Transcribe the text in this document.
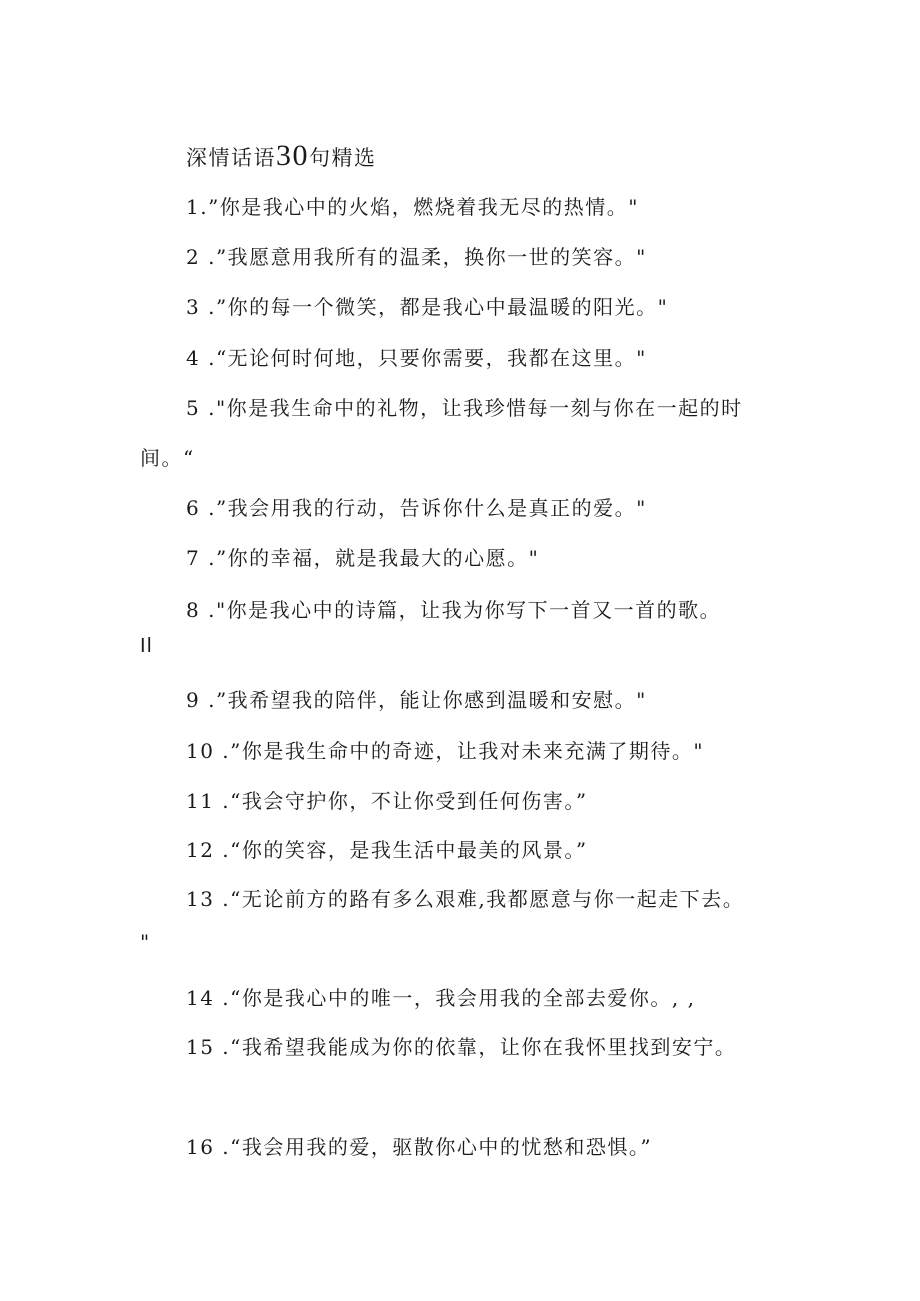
深情话语30句精选
1.”你是我心中的火焰，燃烧着我无尽的热情。"
2 .”我愿意用我所有的温柔，换你一世的笑容。"
3 .”你的每一个微笑，都是我心中最温暖的阳光。"
4 .“无论何时何地，只要你需要，我都在这里。"
5 ."你是我生命中的礼物，让我珍惜每一刻与你在一起的时
间。“
6 .”我会用我的行动，告诉你什么是真正的爱。"
7 .”你的幸福，就是我最大的心愿。"
8 ."你是我心中的诗篇，让我为你写下一首又一首的歌。
Il
9 .”我希望我的陪伴，能让你感到温暖和安慰。"
10 .”你是我生命中的奇迹，让我对未来充满了期待。"
11 .“我会守护你，不让你受到任何伤害。”
12 .“你的笑容，是我生活中最美的风景。”
13 .“无论前方的路有多么艰难,我都愿意与你一起走下去。
"
14 .“你是我心中的唯一，我会用我的全部去爱你。, ,
15 .“我希望我能成为你的依靠，让你在我怀里找到安宁。
16 .“我会用我的爱，驱散你心中的忧愁和恐惧。”
